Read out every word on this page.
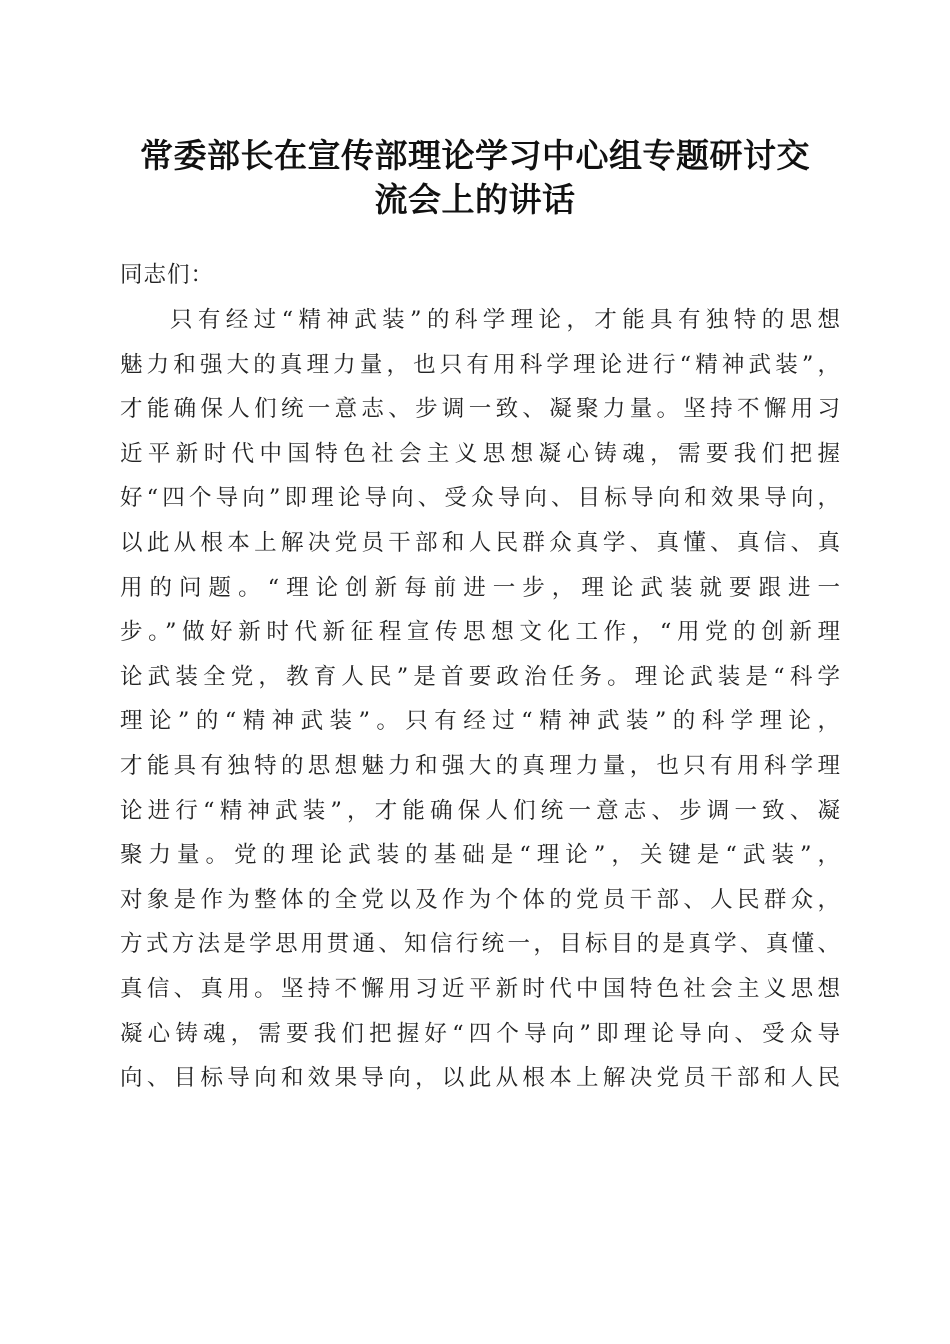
常委部长在宣传部理论学习中心组专题研讨交
流会上的讲话
同志们：
只有经过“精神武装”的科学理论，才能具有独特的思想
魅力和强大的真理力量，也只有用科学理论进行“精神武装”，
才能确保人们统一意志、步调一致、凝聚力量。坚持不懈用习
近平新时代中国特色社会主义思想凝心铸魂，需要我们把握
好“四个导向”即理论导向、受众导向、目标导向和效果导向，
以此从根本上解决党员干部和人民群众真学、真懂、真信、真
用的问题。“理论创新每前进一步，理论武装就要跟进一
步。”做好新时代新征程宣传思想文化工作，“用党的创新理
论武装全党，教育人民”是首要政治任务。理论武装是“科学
理论”的“精神武装”。只有经过“精神武装”的科学理论，
才能具有独特的思想魅力和强大的真理力量，也只有用科学理
论进行“精神武装”，才能确保人们统一意志、步调一致、凝
聚力量。党的理论武装的基础是“理论”，关键是“武装”，
对象是作为整体的全党以及作为个体的党员干部、人民群众，
方式方法是学思用贯通、知信行统一，目标目的是真学、真懂、
真信、真用。坚持不懈用习近平新时代中国特色社会主义思想
凝心铸魂，需要我们把握好“四个导向”即理论导向、受众导
向、目标导向和效果导向，以此从根本上解决党员干部和人民
